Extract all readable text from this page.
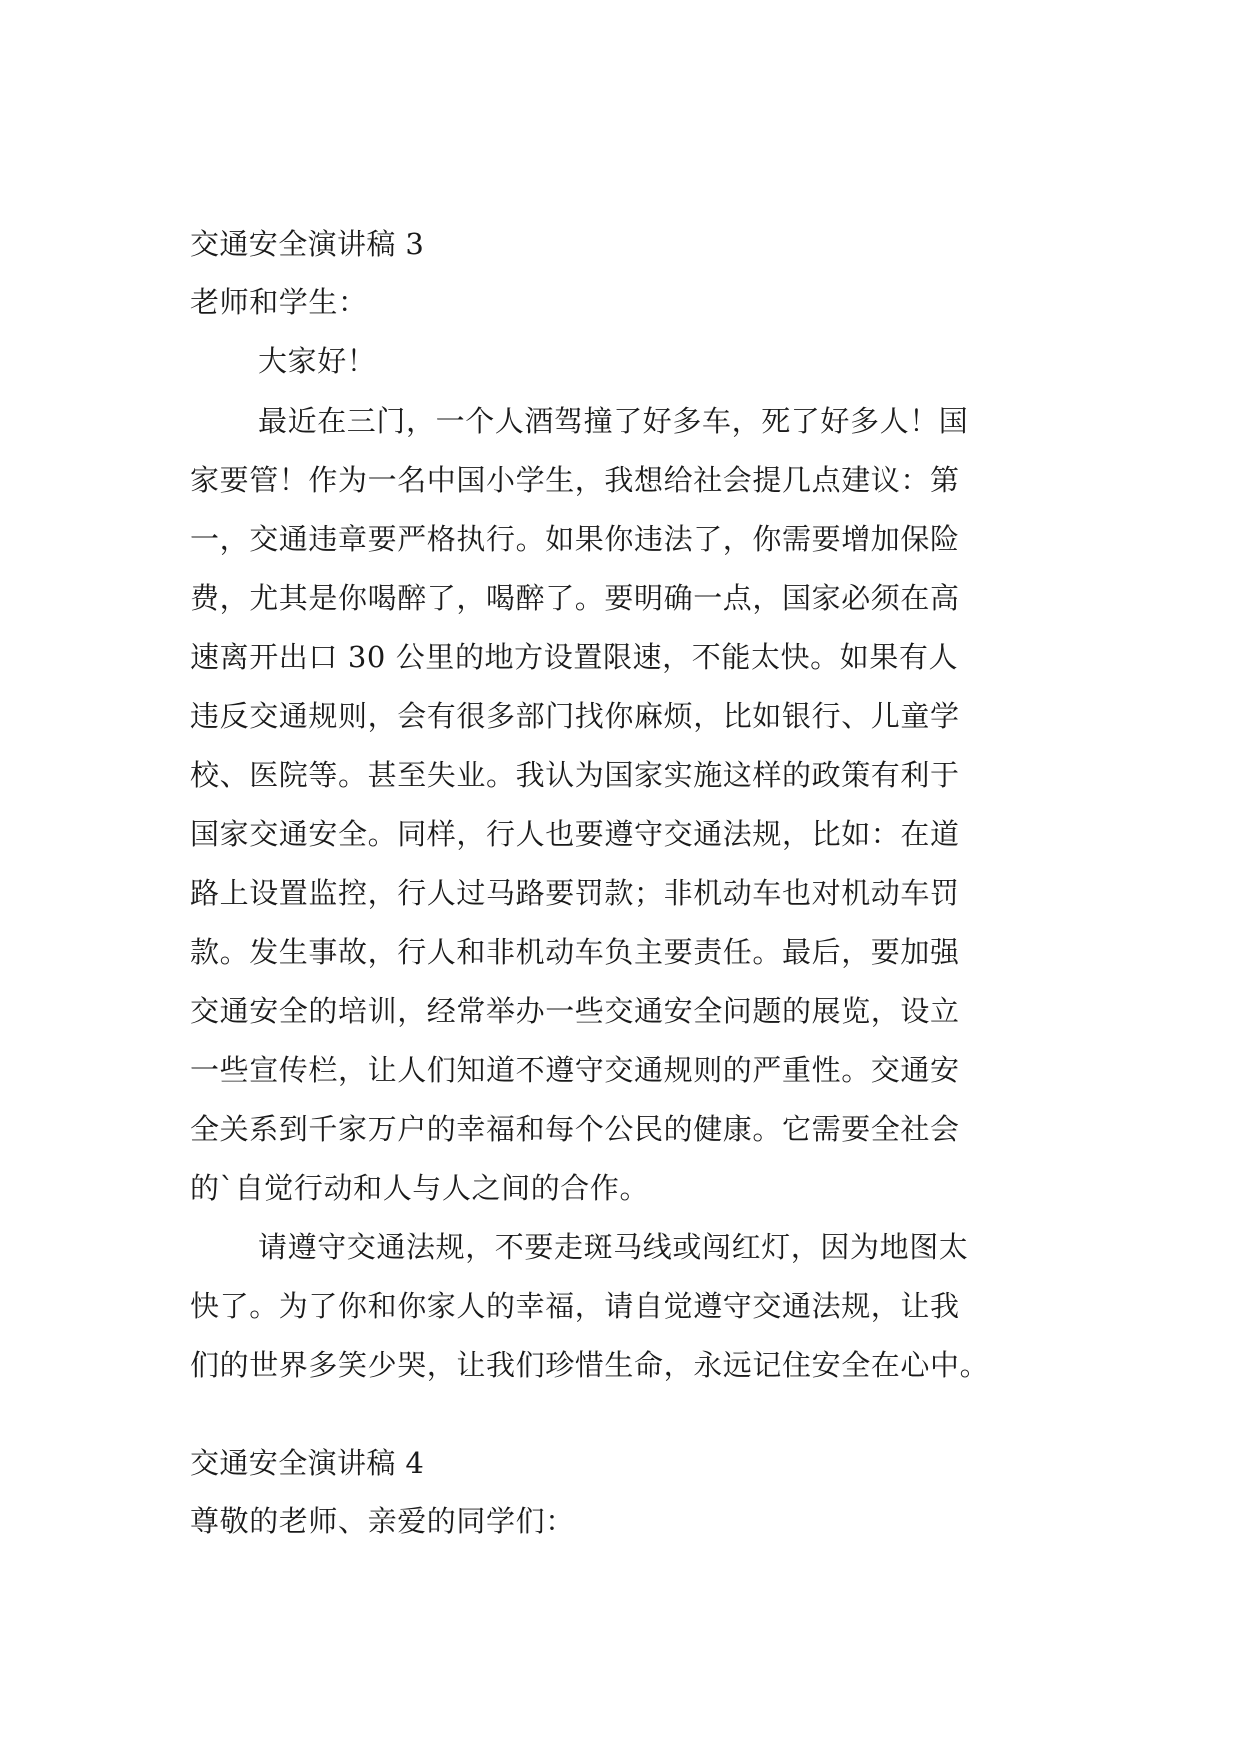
交通安全演讲稿 3
老师和学生：
大家好！
最近在三门，一个人酒驾撞了好多车，死了好多人！国
家要管！作为一名中国小学生，我想给社会提几点建议：第
一，交通违章要严格执行。如果你违法了，你需要增加保险
费，尤其是你喝醉了，喝醉了。要明确一点，国家必须在高
速离开出口 30 公里的地方设置限速，不能太快。如果有人
违反交通规则，会有很多部门找你麻烦，比如银行、儿童学
校、医院等。甚至失业。我认为国家实施这样的政策有利于
国家交通安全。同样，行人也要遵守交通法规，比如：在道
路上设置监控，行人过马路要罚款；非机动车也对机动车罚
款。发生事故，行人和非机动车负主要责任。最后，要加强
交通安全的培训，经常举办一些交通安全问题的展览，设立
一些宣传栏，让人们知道不遵守交通规则的严重性。交通安
全关系到千家万户的幸福和每个公民的健康。它需要全社会
的`自觉行动和人与人之间的合作。
请遵守交通法规，不要走斑马线或闯红灯，因为地图太
快了。为了你和你家人的幸福，请自觉遵守交通法规，让我
们的世界多笑少哭，让我们珍惜生命，永远记住安全在心中。
交通安全演讲稿 4
尊敬的老师、亲爱的同学们：
